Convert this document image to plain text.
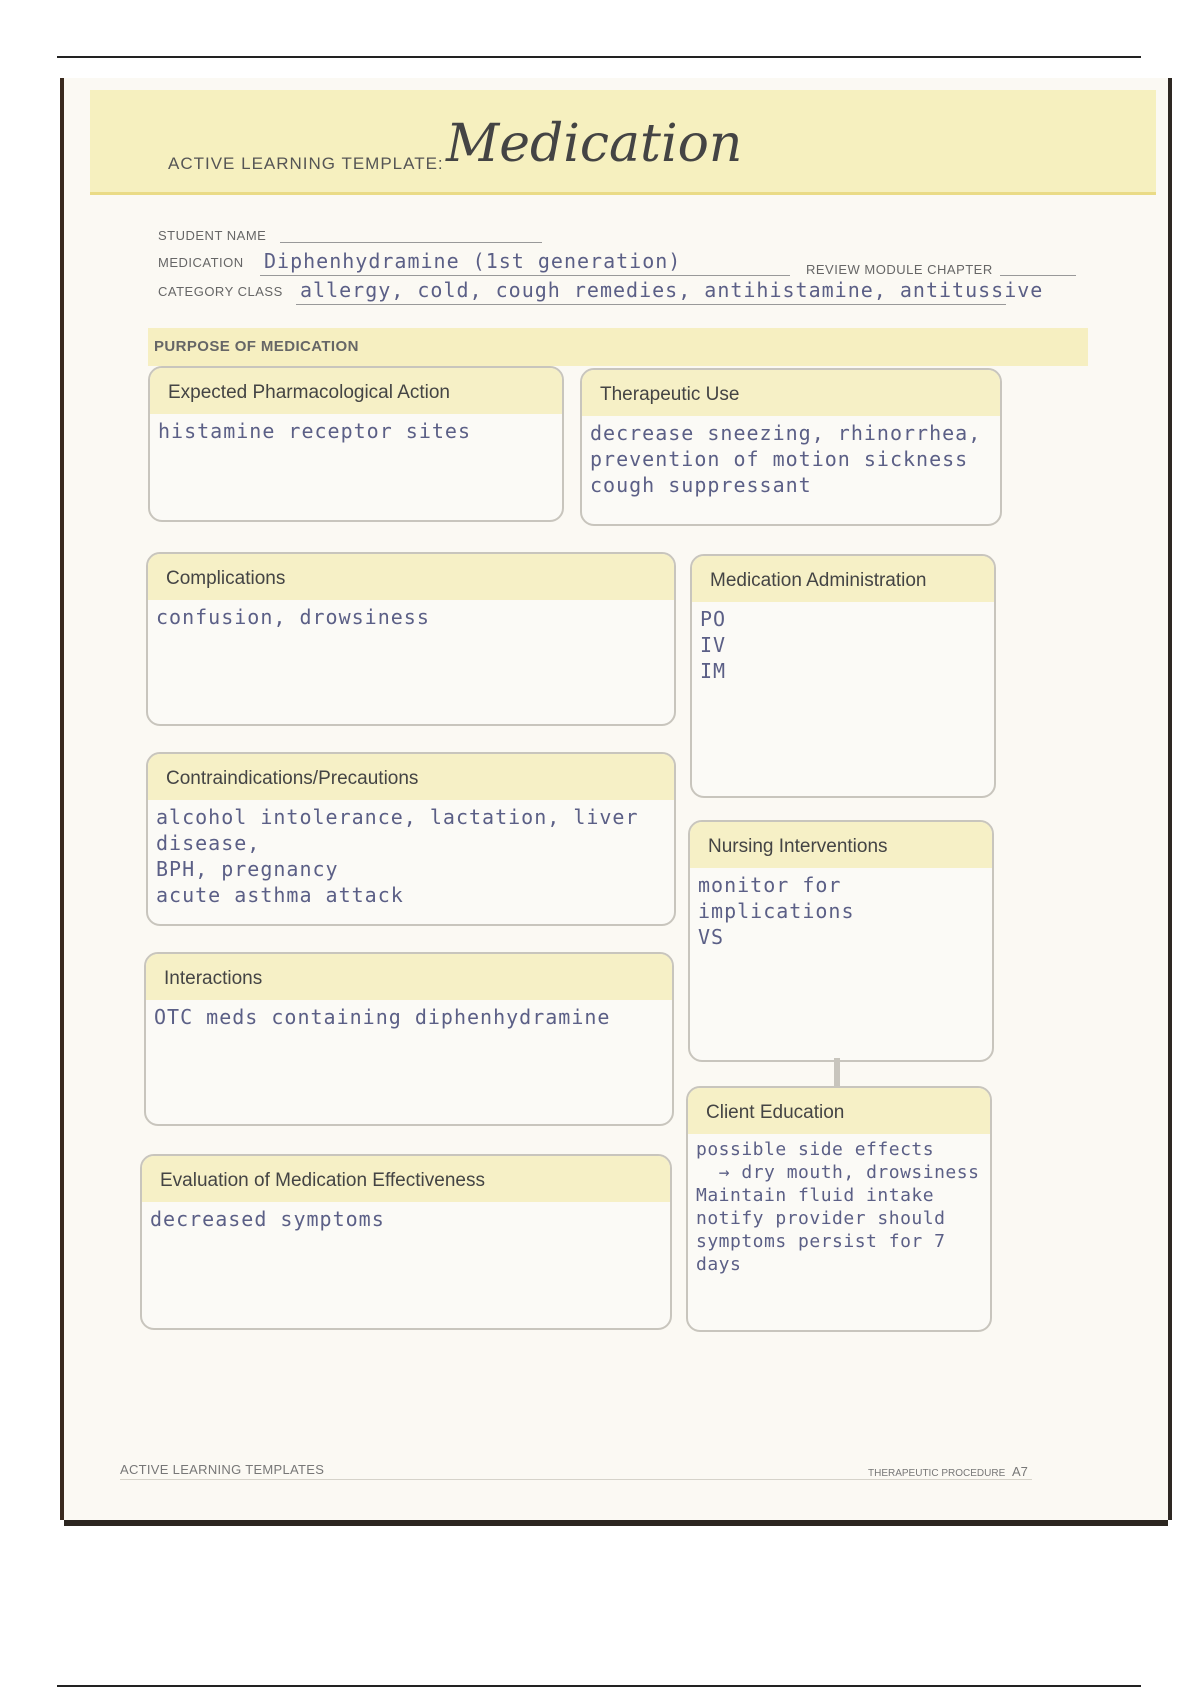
ACTIVE LEARNING TEMPLATE: Medication
STUDENT NAME
MEDICATION Diphenhydramine (1st generation)	REVIEW MODULE CHAPTER
CATEGORY CLASS allergy, cold, cough remedies, antihistamine, antitussive
PURPOSE OF MEDICATION
Expected Pharmacological Action
histamine receptor sites
Therapeutic Use
decrease sneezing, rhinorrhea,
prevention of motion sickness
cough suppressant
Complications
confusion, drowsiness
Medication Administration
PO
IV
IM
Contraindications/Precautions
alcohol intolerance, lactation, liver disease,
BPH, pregnancy
acute asthma attack
Nursing Interventions
monitor for implications
VS
Interactions
OTC meds containing diphenhydramine
Client Education
possible side effects
→ dry mouth, drowsiness
Maintain fluid intake
notify provider should
symptoms persist for 7 days
Evaluation of Medication Effectiveness
decreased symptoms
ACTIVE LEARNING TEMPLATES	THERAPEUTIC PROCEDURE A7
